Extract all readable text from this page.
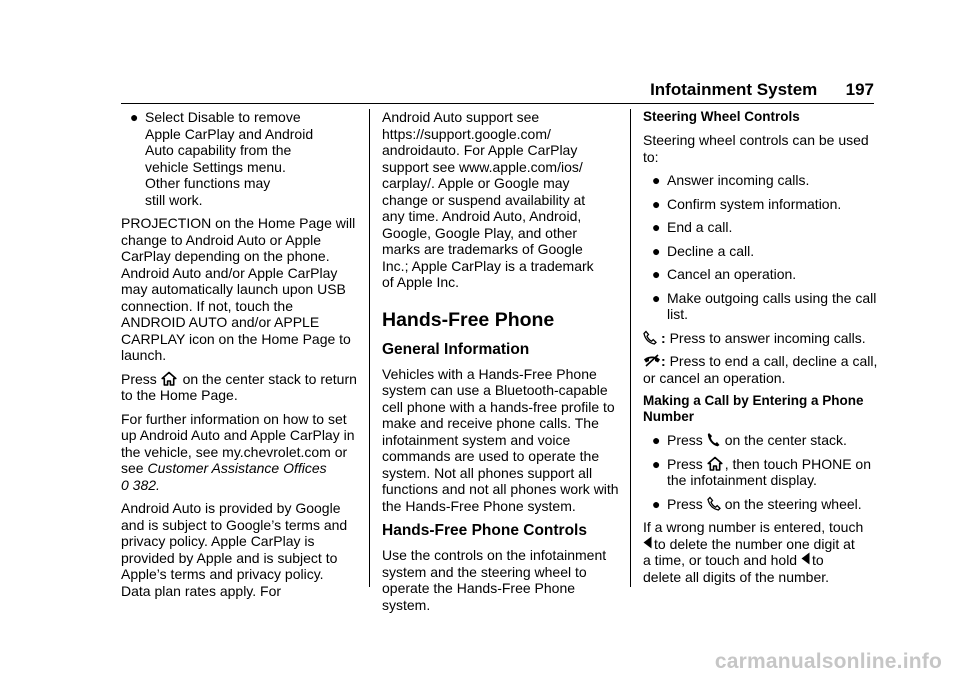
Infotainment System 197
● Select Disable to remove
Apple CarPlay and Android
Auto capability from the
vehicle Settings menu.
Other functions may
still work.

PROJECTION on the Home Page will change to Android Auto or Apple CarPlay depending on the phone. Android Auto and/or Apple CarPlay may automatically launch upon USB connection. If not, touch the ANDROID AUTO and/or APPLE CARPLAY icon on the Home Page to launch.

Press on the center stack to return to the Home Page.

For further information on how to set up Android Auto and Apple CarPlay in the vehicle, see my.chevrolet.com or see Customer Assistance Offices
0 382.

Android Auto is provided by Google and is subject to Google’s terms and privacy policy. Apple CarPlay is provided by Apple and is subject to Apple’s terms and privacy policy. Data plan rates apply. For

Android Auto support see
https://support.google.com/
androidauto. For Apple CarPlay
support see www.apple.com/ios/
carplay/. Apple or Google may
change or suspend availability at
any time. Android Auto, Android,
Google, Google Play, and other
marks are trademarks of Google
Inc.; Apple CarPlay is a trademark
of Apple Inc.

Hands-Free Phone
General Information

Vehicles with a Hands-Free Phone system can use a Bluetooth-capable cell phone with a hands-free profile to make and receive phone calls. The infotainment system and voice commands are used to operate the system. Not all phones support all functions and not all phones work with the Hands-Free Phone system.

Hands-Free Phone Controls

Use the controls on the infotainment system and the steering wheel to operate the Hands-Free Phone system.

Steering Wheel Controls

Steering wheel controls can be used to:

● Answer incoming calls.
● Confirm system information.
● End a call.
● Decline a call.
● Cancel an operation.
● Make outgoing calls using the call list.

: Press to answer incoming calls.

: Press to end a call, decline a call, or cancel an operation.

Making a Call by Entering a Phone Number
● Press on the center stack.
● Press , then touch PHONE on the infotainment display.
● Press on the steering wheel.

If a wrong number is entered, touch

to delete the number one digit at
a time, or touch and hold to
delete all digits of the number.

carmanualsonline.info
